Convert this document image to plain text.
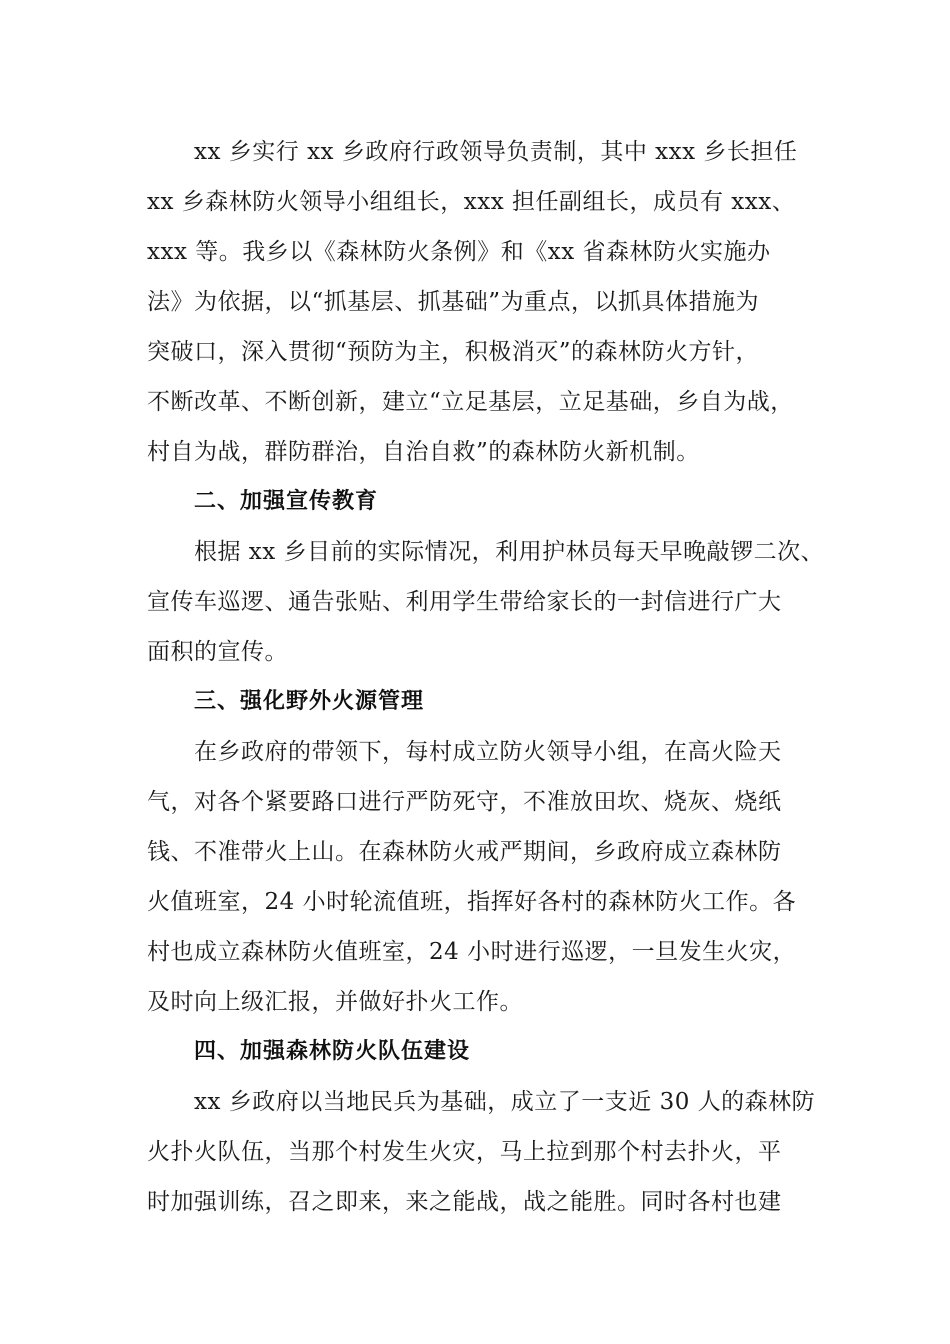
xx 乡实行 xx 乡政府行政领导负责制，其中 xxx 乡长担任
xx 乡森林防火领导小组组长，xxx 担任副组长，成员有 xxx、
xxx 等。我乡以《森林防火条例》和《xx 省森林防火实施办
法》为依据，以“抓基层、抓基础”为重点，以抓具体措施为
突破口，深入贯彻“预防为主，积极消灭”的森林防火方针，
不断改革、不断创新，建立“立足基层，立足基础，乡自为战，
村自为战，群防群治，自治自救”的森林防火新机制。
二、加强宣传教育
根据 xx 乡目前的实际情况，利用护林员每天早晚敲锣二次、
宣传车巡逻、通告张贴、利用学生带给家长的一封信进行广大
面积的宣传。
三、强化野外火源管理
在乡政府的带领下，每村成立防火领导小组，在高火险天
气，对各个紧要路口进行严防死守，不准放田坎、烧灰、烧纸
钱、不准带火上山。在森林防火戒严期间，乡政府成立森林防
火值班室，24 小时轮流值班，指挥好各村的森林防火工作。各
村也成立森林防火值班室，24 小时进行巡逻，一旦发生火灾，
及时向上级汇报，并做好扑火工作。
四、加强森林防火队伍建设
xx 乡政府以当地民兵为基础，成立了一支近 30 人的森林防
火扑火队伍，当那个村发生火灾，马上拉到那个村去扑火，平
时加强训练，召之即来，来之能战，战之能胜。同时各村也建
